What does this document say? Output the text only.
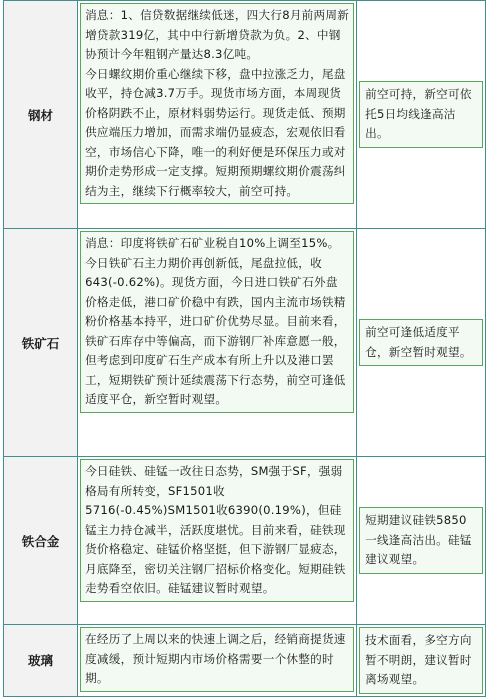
钢材	消息：1、信贷数据继续低迷，四大行8月前两周新增贷款319亿，其中中行新增贷款为负。2、中钢协预计今年粗钢产量达8.3亿吨。
今日螺纹期价重心继续下移，盘中拉涨乏力，尾盘收平，持仓减3.7万手。现货市场方面，本周现货价格阴跌不止，原材料弱势运行。现货走低、预期供应端压力增加，而需求端仍显疲态，宏观依旧看空，市场信心下降，唯一的利好便是环保压力或对期价走势形成一定支撑。短期预期螺纹期价震荡纠结为主，继续下行概率较大，前空可持。	前空可持，新空可依托5日均线逢高沽出。

铁矿石	消息：印度将铁矿石矿业税自10%上调至15%。
今日铁矿石主力期价再创新低，尾盘拉低，收643(-0.62%)。现货方面，今日进口铁矿石外盘价格走低，港口矿价稳中有跌，国内主流市场铁精粉价格基本持平，进口矿价优势尽显。目前来看，铁矿石库存中等偏高，而下游钢厂补库意愿一般，但考虑到印度矿石生产成本有所上升以及港口罢工，短期铁矿预计延续震荡下行态势，前空可逢低适度平仓，新空暂时观望。	前空可逢低适度平仓，新空暂时观望。

铁合金	今日硅铁、硅锰一改往日态势，SM强于SF，强弱格局有所转变，SF1501收5716(-0.45%)SM1501收6390(0.19%)，但硅锰主力持仓减半，活跃度堪忧。目前来看，硅铁现货价格稳定、硅锰价格坚挺，但下游钢厂显疲态，月底降至，密切关注钢厂招标价格变化。短期硅铁走势看空依旧。硅锰建议暂时观望。	短期建议硅铁5850一线逢高沽出。硅锰建议观望。

玻璃	在经历了上周以来的快速上调之后，经销商提货速度减缓，预计短期内市场价格需要一个休整的时期。	技术面看，多空方向暂不明朗，建议暂时离场观望。
